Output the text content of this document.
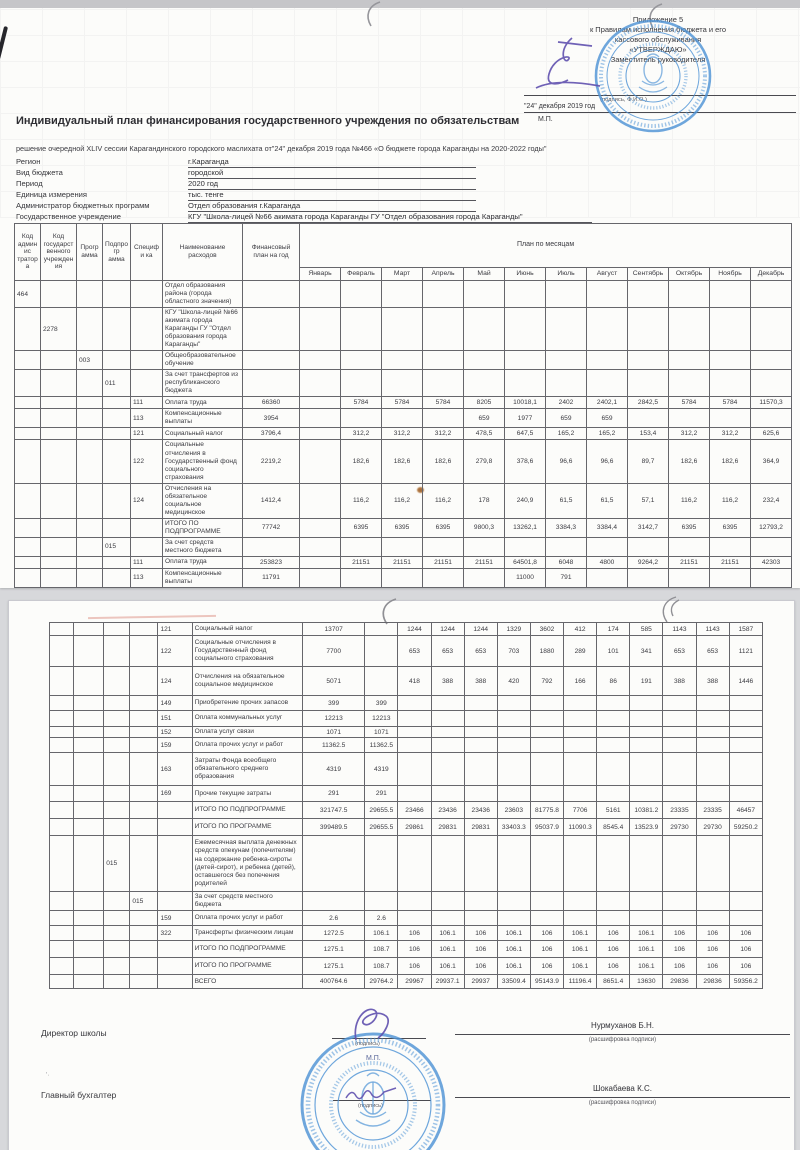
'·
Приложение 5
к Правилам исполнения бюджета и его
кассового обслуживания
«УТВЕРЖДАЮ»
Заместитель руководителя
(подпись, Ф.И.О.)
"24" декабря 2019 год
М.П.
Индивидуальный план финансирования государственного учреждения по обязательствам
решение очередной XLIV сессии Карагандинского городского маслихата от"24" декабря 2019 года №466 «О бюджете города Караганды на 2020-2022 годы"
Регион	г.Караганда
Вид бюджета	городской
Период	2020 год
Единица измерения	тыс. тенге
Администратор бюджетных программ	Отдел образования г.Караганда
Государственное учреждение	КГУ "Школа-лицей №66 акимата города Караганды ГУ "Отдел образования города Караганды"
Код админис тратора	Код государст венного учрежден ия	Прогр амма	Подпрогр амма	Специфи ка	Наименование расходов	Финансовый план на год	План по месяцам											
							Январь	Февраль	Март	Апрель	Май	Июнь	Июль	Август	Сентябрь	Октябрь	Ноябрь	Декабрь
464					Отдел образования района (города областного значения)													
	2278				КГУ "Школа-лицей №66 акимата города Караганды ГУ "Отдел образования города Караганды"													
		003			Общеобразовательное обучение													
			011		За счет трансфертов из республиканского бюджета													
				111	Оплата труда	66360		5784	5784	5784	8205	10018,1	2402	2402,1	2842,5	5784	5784	11570,3
				113	Компенсационные выплаты	3954					659	1977	659	659				
				121	Социальный налог	3796,4		312,2	312,2	312,2	478,5	647,5	165,2	165,2	153,4	312,2	312,2	625,6
				122	Социальные отчисления в Государственный фонд социального страхования	2219,2		182,6	182,6	182,6	279,8	378,6	96,6	96,6	89,7	182,6	182,6	364,9
				124	Отчисления на обязательное социальное медицинское	1412,4		116,2	116,2	116,2	178	240,9	61,5	61,5	57,1	116,2	116,2	232,4
					ИТОГО ПО ПОДПРОГРАММЕ	77742		6395	6395	6395	9800,3	13262,1	3384,3	3384,4	3142,7	6395	6395	12793,2
			015		За счет средств местного бюджета													
				111	Оплата труда	253823		21151	21151	21151	21151	64501,8	6048	4800	9264,2	21151	21151	42303
				113	Компенсационные выплаты	11791						11000	791					
				121	Социальный налог	13707		1244	1244	1244	1329	3602	412	174	585	1143	1143	1587
				122	Социальные отчисления в Государственный фонд социального страхования	7700		653	653	653	703	1880	289	101	341	653	653	1121
				124	Отчисления на обязательное социальное медицинское	5071		418	388	388	420	792	166	86	191	388	388	1446
				149	Приобретение прочих запасов	399	399											
				151	Оплата коммунальных услуг	12213	12213											
				152	Оплата услуг связи	1071	1071											
				159	Оплата прочих услуг и работ	11362.5	11362.5											
				163	Затраты Фонда всеобщего обязательного среднего образования	4319	4319											
				169	Прочие текущие затраты	291	291											
					ИТОГО ПО ПОДПРОГРАММЕ	321747.5	29655.5	23466	23436	23436	23603	81775.8	7706	5161	10381.2	23335	23335	46457
					ИТОГО ПО ПРОГРАММЕ	399489.5	29655.5	29861	29831	29831	33403.3	95037.9	11090.3	8545.4	13523.9	29730	29730	59250.2
		015			Ежемесячная выплата денежных средств опекунам (попечителям) на содержание ребенка-сироты (детей-сирот), и ребенка (детей), оставшегося без попечения родителей													
			015		За счет средств местного бюджета													
				159	Оплата прочих услуг и работ	2.6	2.6											
				322	Трансферты физическим лицам	1272.5	106.1	106	106.1	106	106.1	106	106.1	106	106.1	106	106	106
					ИТОГО ПО ПОДПРОГРАММЕ	1275.1	108.7	106	106.1	106	106.1	106	106.1	106	106.1	106	106	106
					ИТОГО ПО ПРОГРАММЕ	1275.1	108.7	106	106.1	106	106.1	106	106.1	106	106.1	106	106	106
					ВСЕГО	400764.6	29764.2	29967	29937.1	29937	33509.4	95143.9	11196.4	8651.4	13630	29836	29836	59356.2
Директор школы
Нурмуханов Б.Н.
(расшифровка подписи)
(подпись)
М.П.
Главный бухгалтер
Шокабаева К.С.
(расшифровка подписи)
(подпись)
